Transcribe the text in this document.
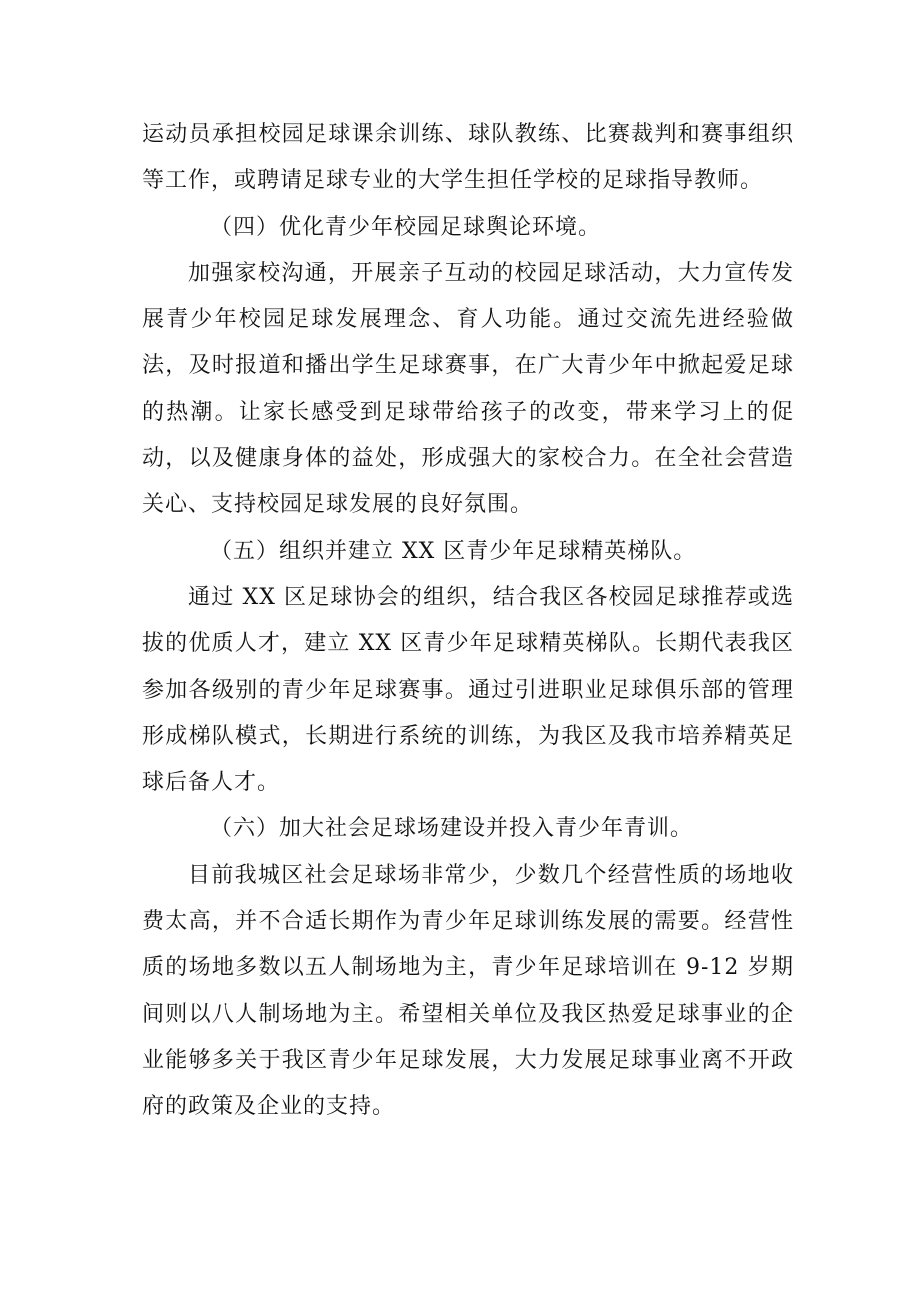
运动员承担校园足球课余训练、球队教练、比赛裁判和赛事组织等工作，或聘请足球专业的大学生担任学校的足球指导教师。

（四）优化青少年校园足球舆论环境。

加强家校沟通，开展亲子互动的校园足球活动，大力宣传发展青少年校园足球发展理念、育人功能。通过交流先进经验做法，及时报道和播出学生足球赛事，在广大青少年中掀起爱足球的热潮。让家长感受到足球带给孩子的改变，带来学习上的促动，以及健康身体的益处，形成强大的家校合力。在全社会营造关心、支持校园足球发展的良好氛围。

（五）组织并建立 XX 区青少年足球精英梯队。

通过 XX 区足球协会的组织，结合我区各校园足球推荐或选拔的优质人才，建立 XX 区青少年足球精英梯队。长期代表我区参加各级别的青少年足球赛事。通过引进职业足球俱乐部的管理形成梯队模式，长期进行系统的训练，为我区及我市培养精英足球后备人才。

（六）加大社会足球场建设并投入青少年青训。

目前我城区社会足球场非常少，少数几个经营性质的场地收费太高，并不合适长期作为青少年足球训练发展的需要。经营性质的场地多数以五人制场地为主，青少年足球培训在 9-12 岁期间则以八人制场地为主。希望相关单位及我区热爱足球事业的企业能够多关于我区青少年足球发展，大力发展足球事业离不开政府的政策及企业的支持。
